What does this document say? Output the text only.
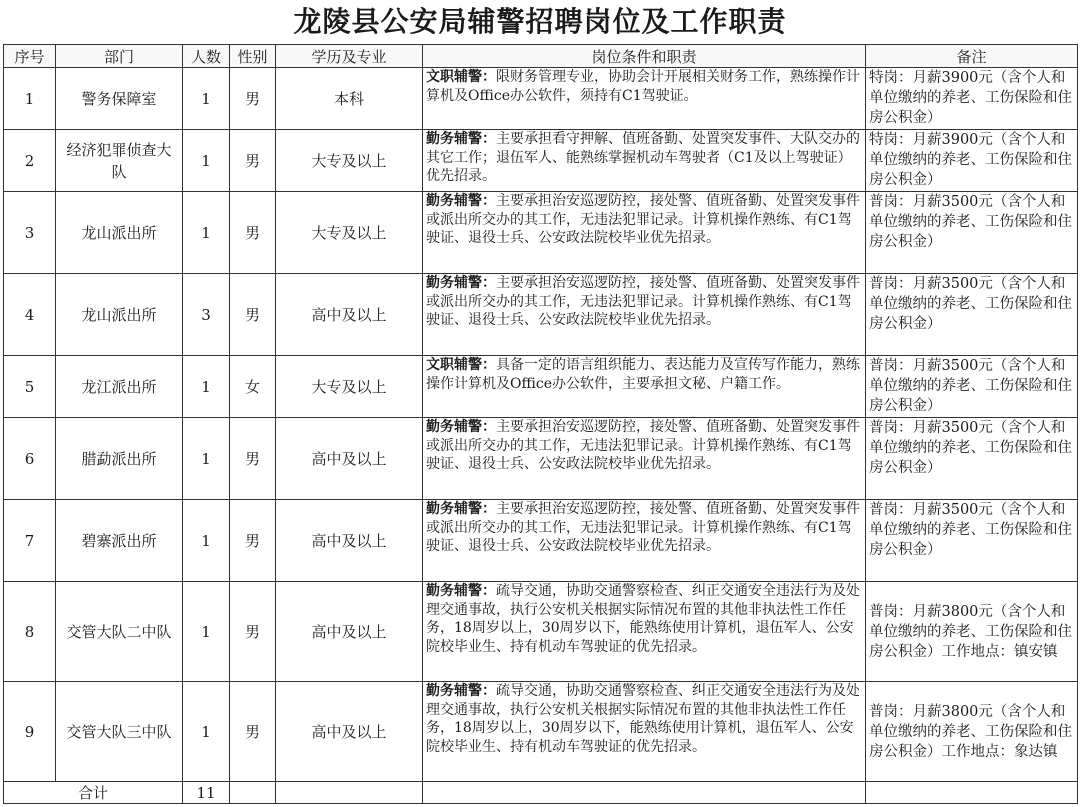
龙陵县公安局辅警招聘岗位及工作职责
序号	部门	人数	性别	学历及专业	岗位条件和职责	备注
1	警务保障室	1	男	本科	文职辅警：限财务管理专业，协助会计开展相关财务工作，熟练操作计算机及Office办公软件，须持有C1驾驶证。	特岗：月薪3900元（含个人和单位缴纳的养老、工伤保险和住房公积金）
2	经济犯罪侦查大队	1	男	大专及以上	勤务辅警：主要承担看守押解、值班备勤、处置突发事件、大队交办的其它工作；退伍军人、能熟练掌握机动车驾驶者（C1及以上驾驶证）优先招录。	特岗：月薪3900元（含个人和单位缴纳的养老、工伤保险和住房公积金）
3	龙山派出所	1	男	大专及以上	勤务辅警：主要承担治安巡逻防控，接处警、值班备勤、处置突发事件或派出所交办的其工作，无违法犯罪记录。计算机操作熟练、有C1驾驶证、退役士兵、公安政法院校毕业优先招录。	普岗：月薪3500元（含个人和单位缴纳的养老、工伤保险和住房公积金）
4	龙山派出所	3	男	高中及以上	勤务辅警：主要承担治安巡逻防控，接处警、值班备勤、处置突发事件或派出所交办的其工作，无违法犯罪记录。计算机操作熟练、有C1驾驶证、退役士兵、公安政法院校毕业优先招录。	普岗：月薪3500元（含个人和单位缴纳的养老、工伤保险和住房公积金）
5	龙江派出所	1	女	大专及以上	文职辅警：具备一定的语言组织能力、表达能力及宣传写作能力，熟练操作计算机及Office办公软件，主要承担文秘、户籍工作。	普岗：月薪3500元（含个人和单位缴纳的养老、工伤保险和住房公积金）
6	腊勐派出所	1	男	高中及以上	勤务辅警：主要承担治安巡逻防控，接处警、值班备勤、处置突发事件或派出所交办的其工作，无违法犯罪记录。计算机操作熟练、有C1驾驶证、退役士兵、公安政法院校毕业优先招录。	普岗：月薪3500元（含个人和单位缴纳的养老、工伤保险和住房公积金）
7	碧寨派出所	1	男	高中及以上	勤务辅警：主要承担治安巡逻防控，接处警、值班备勤、处置突发事件或派出所交办的其工作，无违法犯罪记录。计算机操作熟练、有C1驾驶证、退役士兵、公安政法院校毕业优先招录。	普岗：月薪3500元（含个人和单位缴纳的养老、工伤保险和住房公积金）
8	交管大队二中队	1	男	高中及以上	勤务辅警：疏导交通，协助交通警察检查、纠正交通安全违法行为及处理交通事故，执行公安机关根据实际情况布置的其他非执法性工作任务，18周岁以上，30周岁以下，能熟练使用计算机，退伍军人、公安院校毕业生、持有机动车驾驶证的优先招录。	普岗：月薪3800元（含个人和单位缴纳的养老、工伤保险和住房公积金）工作地点：镇安镇
9	交管大队三中队	1	男	高中及以上	勤务辅警：疏导交通，协助交通警察检查、纠正交通安全违法行为及处理交通事故，执行公安机关根据实际情况布置的其他非执法性工作任务，18周岁以上，30周岁以下，能熟练使用计算机，退伍军人、公安院校毕业生、持有机动车驾驶证的优先招录。	普岗：月薪3800元（含个人和单位缴纳的养老、工伤保险和住房公积金）工作地点：象达镇
合计		11				
